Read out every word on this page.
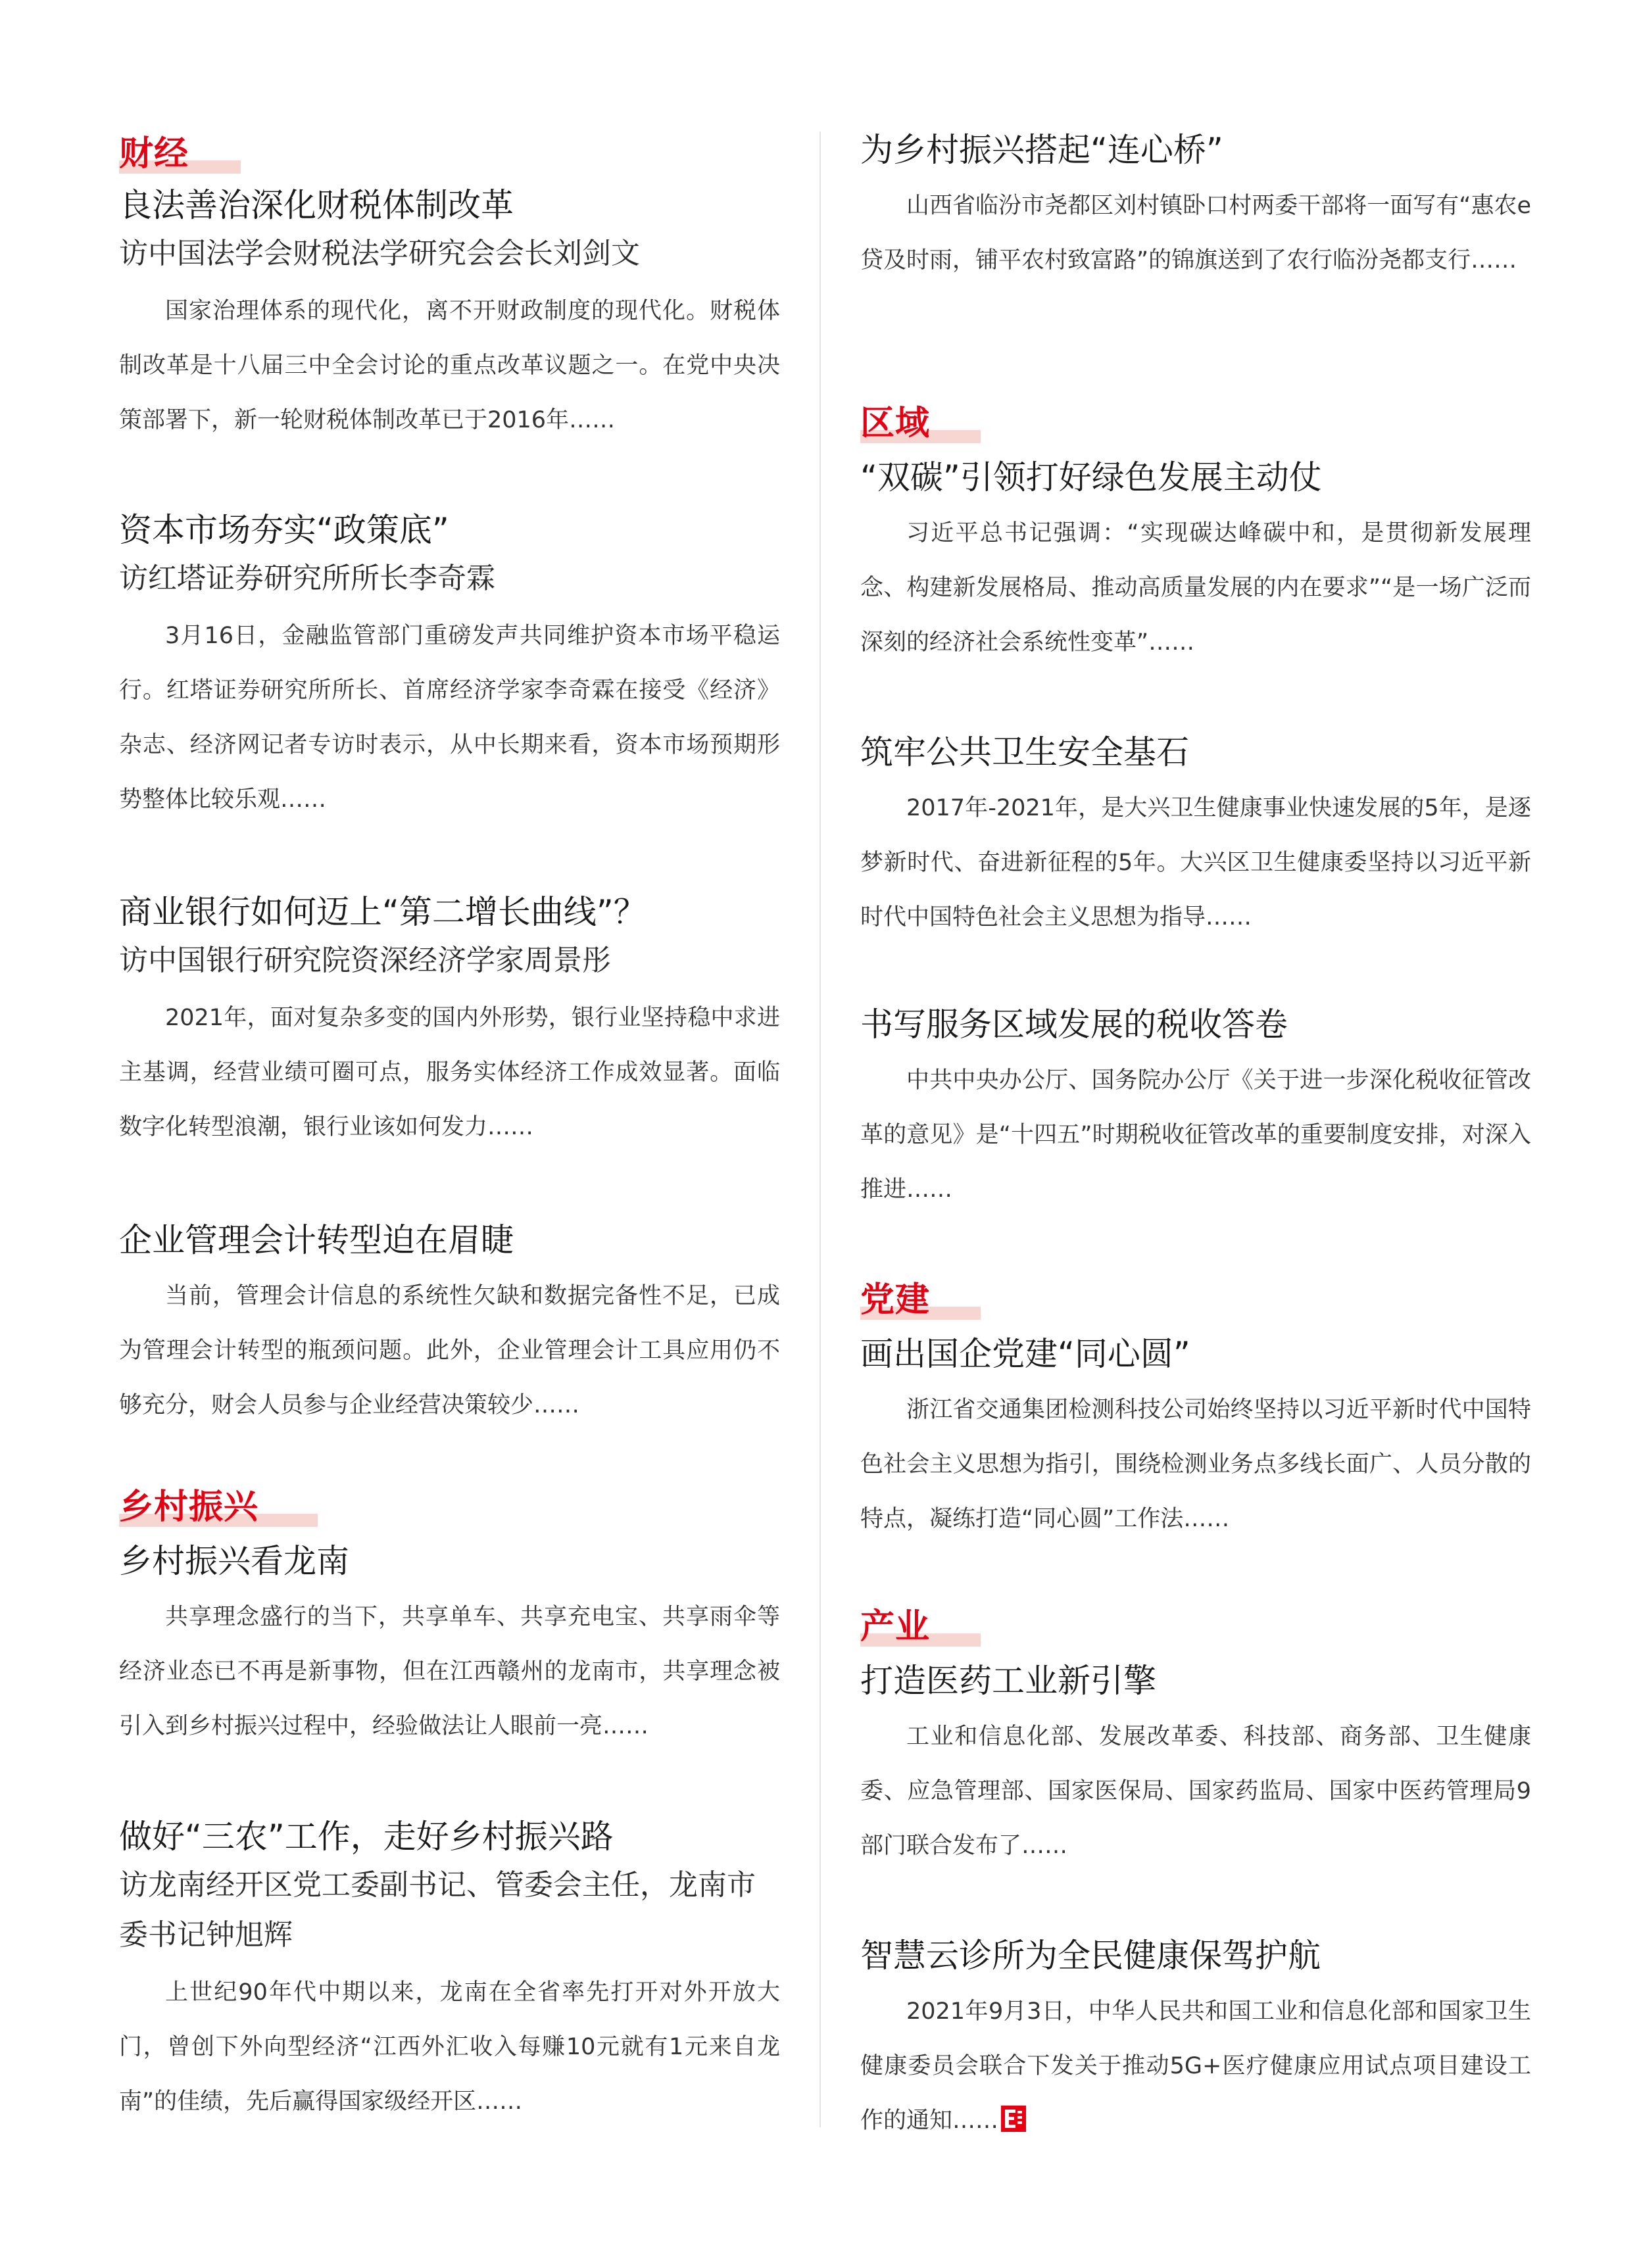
财经
良法善治深化财税体制改革
访中国法学会财税法学研究会会长刘剑文
国家治理体系的现代化，离不开财政制度的现代化。财税体制改革是十八届三中全会讨论的重点改革议题之一。在党中央决策部署下，新一轮财税体制改革已于2016年……
资本市场夯实“政策底”
访红塔证券研究所所长李奇霖
3月16日，金融监管部门重磅发声共同维护资本市场平稳运行。红塔证券研究所所长、首席经济学家李奇霖在接受《经济》杂志、经济网记者专访时表示，从中长期来看，资本市场预期形势整体比较乐观……
商业银行如何迈上“第二增长曲线”？
访中国银行研究院资深经济学家周景彤
2021年，面对复杂多变的国内外形势，银行业坚持稳中求进主基调，经营业绩可圈可点，服务实体经济工作成效显著。面临数字化转型浪潮，银行业该如何发力……
企业管理会计转型迫在眉睫
当前，管理会计信息的系统性欠缺和数据完备性不足，已成为管理会计转型的瓶颈问题。此外，企业管理会计工具应用仍不够充分，财会人员参与企业经营决策较少……
乡村振兴
乡村振兴看龙南
共享理念盛行的当下，共享单车、共享充电宝、共享雨伞等经济业态已不再是新事物，但在江西赣州的龙南市，共享理念被引入到乡村振兴过程中，经验做法让人眼前一亮……
做好“三农”工作，走好乡村振兴路
访龙南经开区党工委副书记、管委会主任，龙南市委书记钟旭辉
上世纪90年代中期以来，龙南在全省率先打开对外开放大门，曾创下外向型经济“江西外汇收入每赚10元就有1元来自龙南”的佳绩，先后赢得国家级经开区……
为乡村振兴搭起“连心桥”
山西省临汾市尧都区刘村镇卧口村两委干部将一面写有“惠农e贷及时雨，铺平农村致富路”的锦旗送到了农行临汾尧都支行……
区域
“双碳”引领打好绿色发展主动仗
习近平总书记强调：“实现碳达峰碳中和，是贯彻新发展理念、构建新发展格局、推动高质量发展的内在要求”“是一场广泛而深刻的经济社会系统性变革”……
筑牢公共卫生安全基石
2017年-2021年，是大兴卫生健康事业快速发展的5年，是逐梦新时代、奋进新征程的5年。大兴区卫生健康委坚持以习近平新时代中国特色社会主义思想为指导……
书写服务区域发展的税收答卷
中共中央办公厅、国务院办公厅《关于进一步深化税收征管改革的意见》是“十四五”时期税收征管改革的重要制度安排，对深入推进……
党建
画出国企党建“同心圆”
浙江省交通集团检测科技公司始终坚持以习近平新时代中国特色社会主义思想为指引，围绕检测业务点多线长面广、人员分散的特点，凝练打造“同心圆”工作法……
产业
打造医药工业新引擎
工业和信息化部、发展改革委、科技部、商务部、卫生健康委、应急管理部、国家医保局、国家药监局、国家中医药管理局9部门联合发布了……
智慧云诊所为全民健康保驾护航
2021年9月3日，中华人民共和国工业和信息化部和国家卫生健康委员会联合下发关于推动5G+医疗健康应用试点项目建设工作的通知……
